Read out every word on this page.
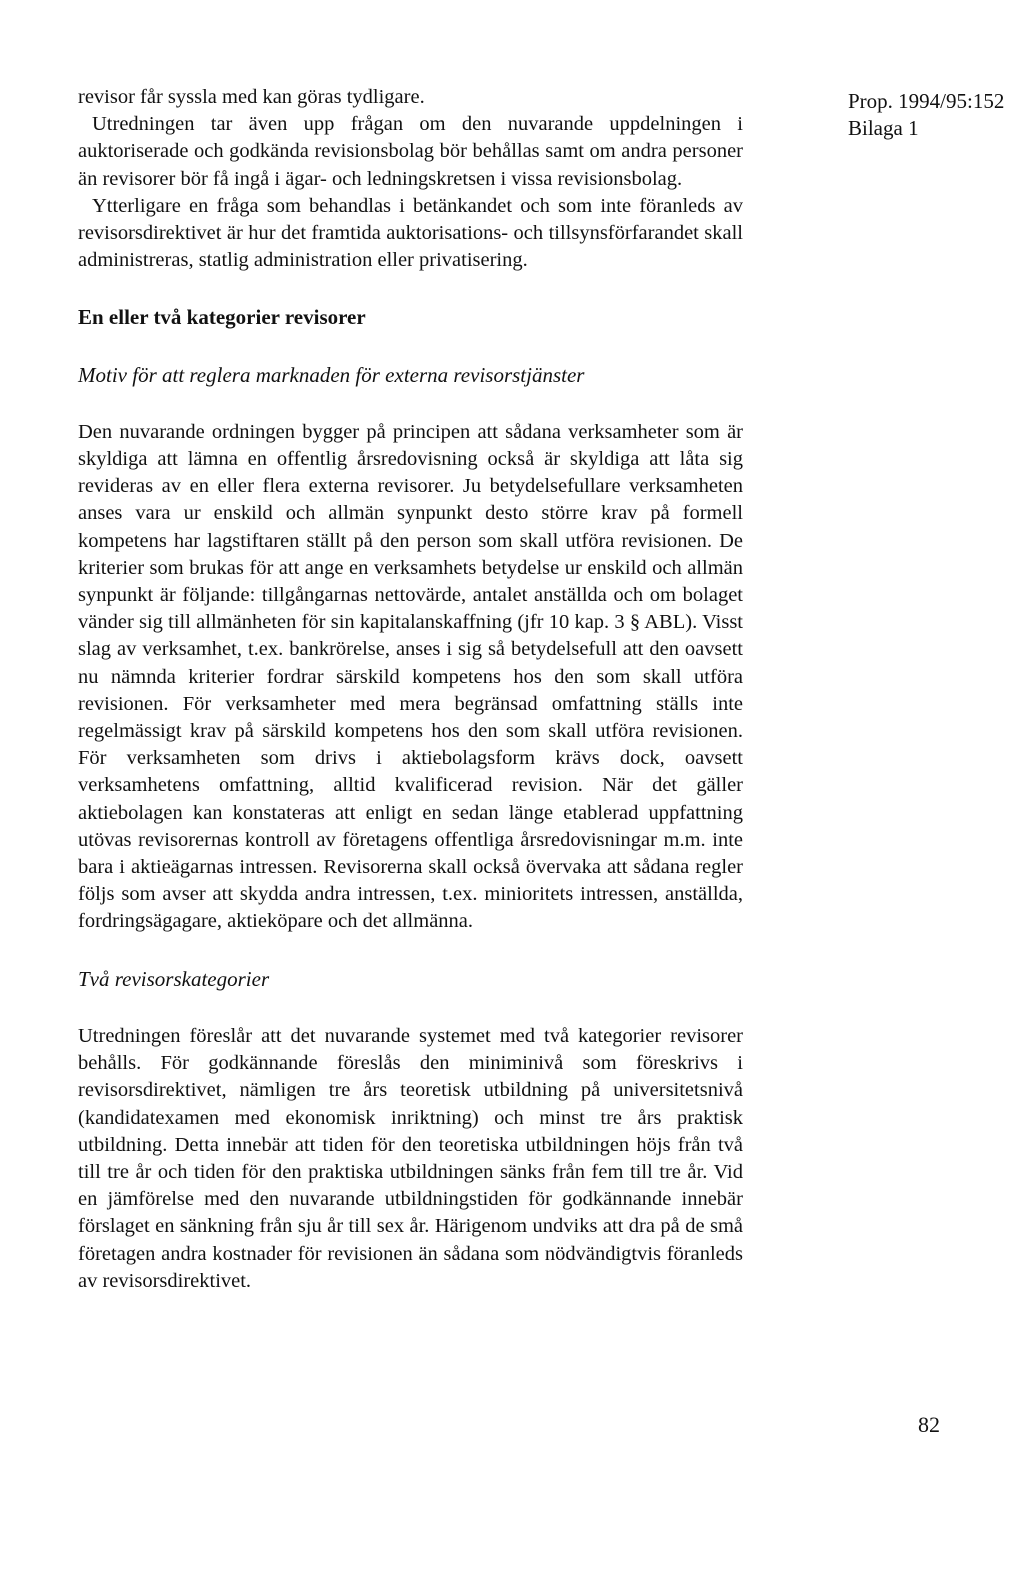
Prop. 1994/95:152
Bilaga 1

revisor får syssla med kan göras tydligare.

Utredningen tar även upp frågan om den nuvarande uppdelningen i auktoriserade och godkända revisionsbolag bör behållas samt om andra personer än revisorer bör få ingå i ägar- och ledningskretsen i vissa revisionsbolag.

Ytterligare en fråga som behandlas i betänkandet och som inte föranleds av revisorsdirektivet är hur det framtida auktorisations- och tillsynsförfarandet skall administreras, statlig administration eller privatisering.

En eller två kategorier revisorer

Motiv för att reglera marknaden för externa revisorstjänster

Den nuvarande ordningen bygger på principen att sådana verksamheter som är skyldiga att lämna en offentlig årsredovisning också är skyldiga att låta sig revideras av en eller flera externa revisorer. Ju betydelsefullare verksamheten anses vara ur enskild och allmän synpunkt desto större krav på formell kompetens har lagstiftaren ställt på den person som skall utföra revisionen. De kriterier som brukas för att ange en verksamhets betydelse ur enskild och allmän synpunkt är följande: tillgångarnas nettovärde, antalet anställda och om bolaget vänder sig till allmänheten för sin kapitalanskaffning (jfr 10 kap. 3 § ABL). Visst slag av verksamhet, t.ex. bankrörelse, anses i sig så betydelsefull att den oavsett nu nämnda kriterier fordrar särskild kompetens hos den som skall utföra revisionen. För verksamheter med mera begränsad omfattning ställs inte regelmässigt krav på särskild kompetens hos den som skall utföra revisionen. För verksamheten som drivs i aktiebolagsform krävs dock, oavsett verksamhetens omfattning, alltid kvalificerad revision. När det gäller aktiebolagen kan konstateras att enligt en sedan länge etablerad uppfattning utövas revisorernas kontroll av företagens offentliga årsredovisningar m.m. inte bara i aktieägarnas intressen. Revisorerna skall också övervaka att sådana regler följs som avser att skydda andra intressen, t.ex. minioritets intressen, anställda, fordringsägagare, aktieköpare och det allmänna.

Två revisorskategorier

Utredningen föreslår att det nuvarande systemet med två kategorier revisorer behålls. För godkännande föreslås den miniminivå som föreskrivs i revisorsdirektivet, nämligen tre års teoretisk utbildning på universitetsnivå (kandidatexamen med ekonomisk inriktning) och minst tre års praktisk utbildning. Detta innebär att tiden för den teoretiska utbildningen höjs från två till tre år och tiden för den praktiska utbildningen sänks från fem till tre år. Vid en jämförelse med den nuvarande utbildningstiden för godkännande innebär förslaget en sänkning från sju år till sex år. Härigenom undviks att dra på de små företagen andra kostnader för revisionen än sådana som nödvändigtvis föranleds av revisorsdirektivet.

82
